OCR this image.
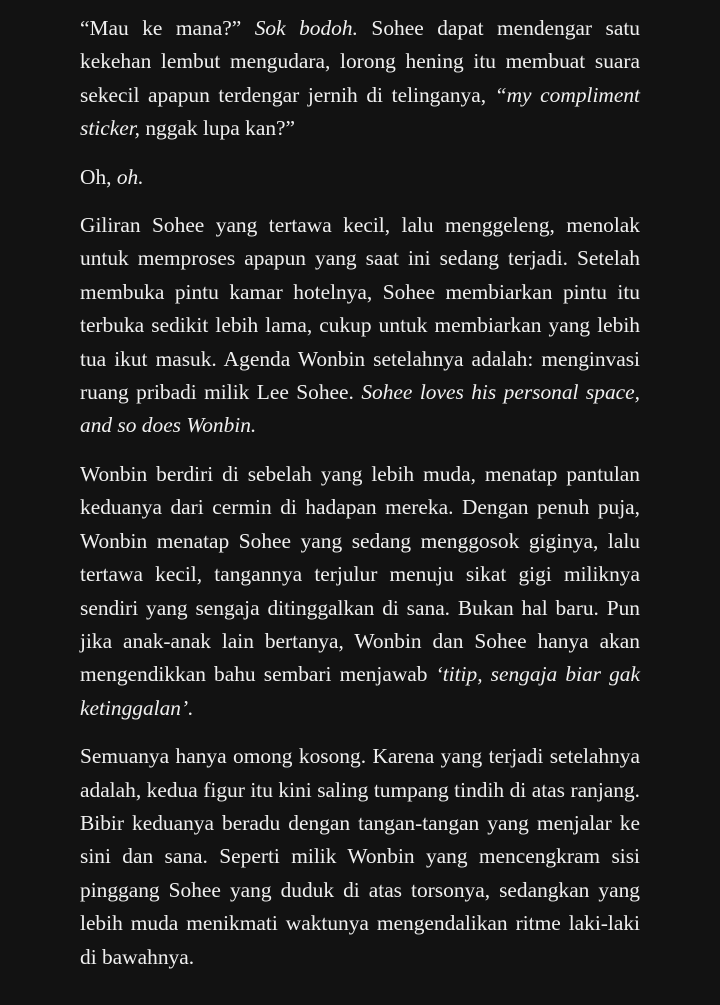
“Mau ke mana?” Sok bodoh. Sohee dapat mendengar satu kekehan lembut mengudara, lorong hening itu membuat suara sekecil apapun terdengar jernih di telinganya, “my compliment sticker, nggak lupa kan?”

Oh, oh.

Giliran Sohee yang tertawa kecil, lalu menggeleng, menolak untuk memproses apapun yang saat ini sedang terjadi. Setelah membuka pintu kamar hotelnya, Sohee membiarkan pintu itu terbuka sedikit lebih lama, cukup untuk membiarkan yang lebih tua ikut masuk. Agenda Wonbin setelahnya adalah: menginvasi ruang pribadi milik Lee Sohee. Sohee loves his personal space, and so does Wonbin.

Wonbin berdiri di sebelah yang lebih muda, menatap pantulan keduanya dari cermin di hadapan mereka. Dengan penuh puja, Wonbin menatap Sohee yang sedang menggosok giginya, lalu tertawa kecil, tangannya terjulur menuju sikat gigi miliknya sendiri yang sengaja ditinggalkan di sana. Bukan hal baru. Pun jika anak-anak lain bertanya, Wonbin dan Sohee hanya akan mengendikkan bahu sembari menjawab ‘titip, sengaja biar gak ketinggalan’.

Semuanya hanya omong kosong. Karena yang terjadi setelahnya adalah, kedua figur itu kini saling tumpang tindih di atas ranjang. Bibir keduanya beradu dengan tangan-tangan yang menjalar ke sini dan sana. Seperti milik Wonbin yang mencengkram sisi pinggang Sohee yang duduk di atas torsonya, sedangkan yang lebih muda menikmati waktunya mengendalikan ritme laki-laki di bawahnya.
